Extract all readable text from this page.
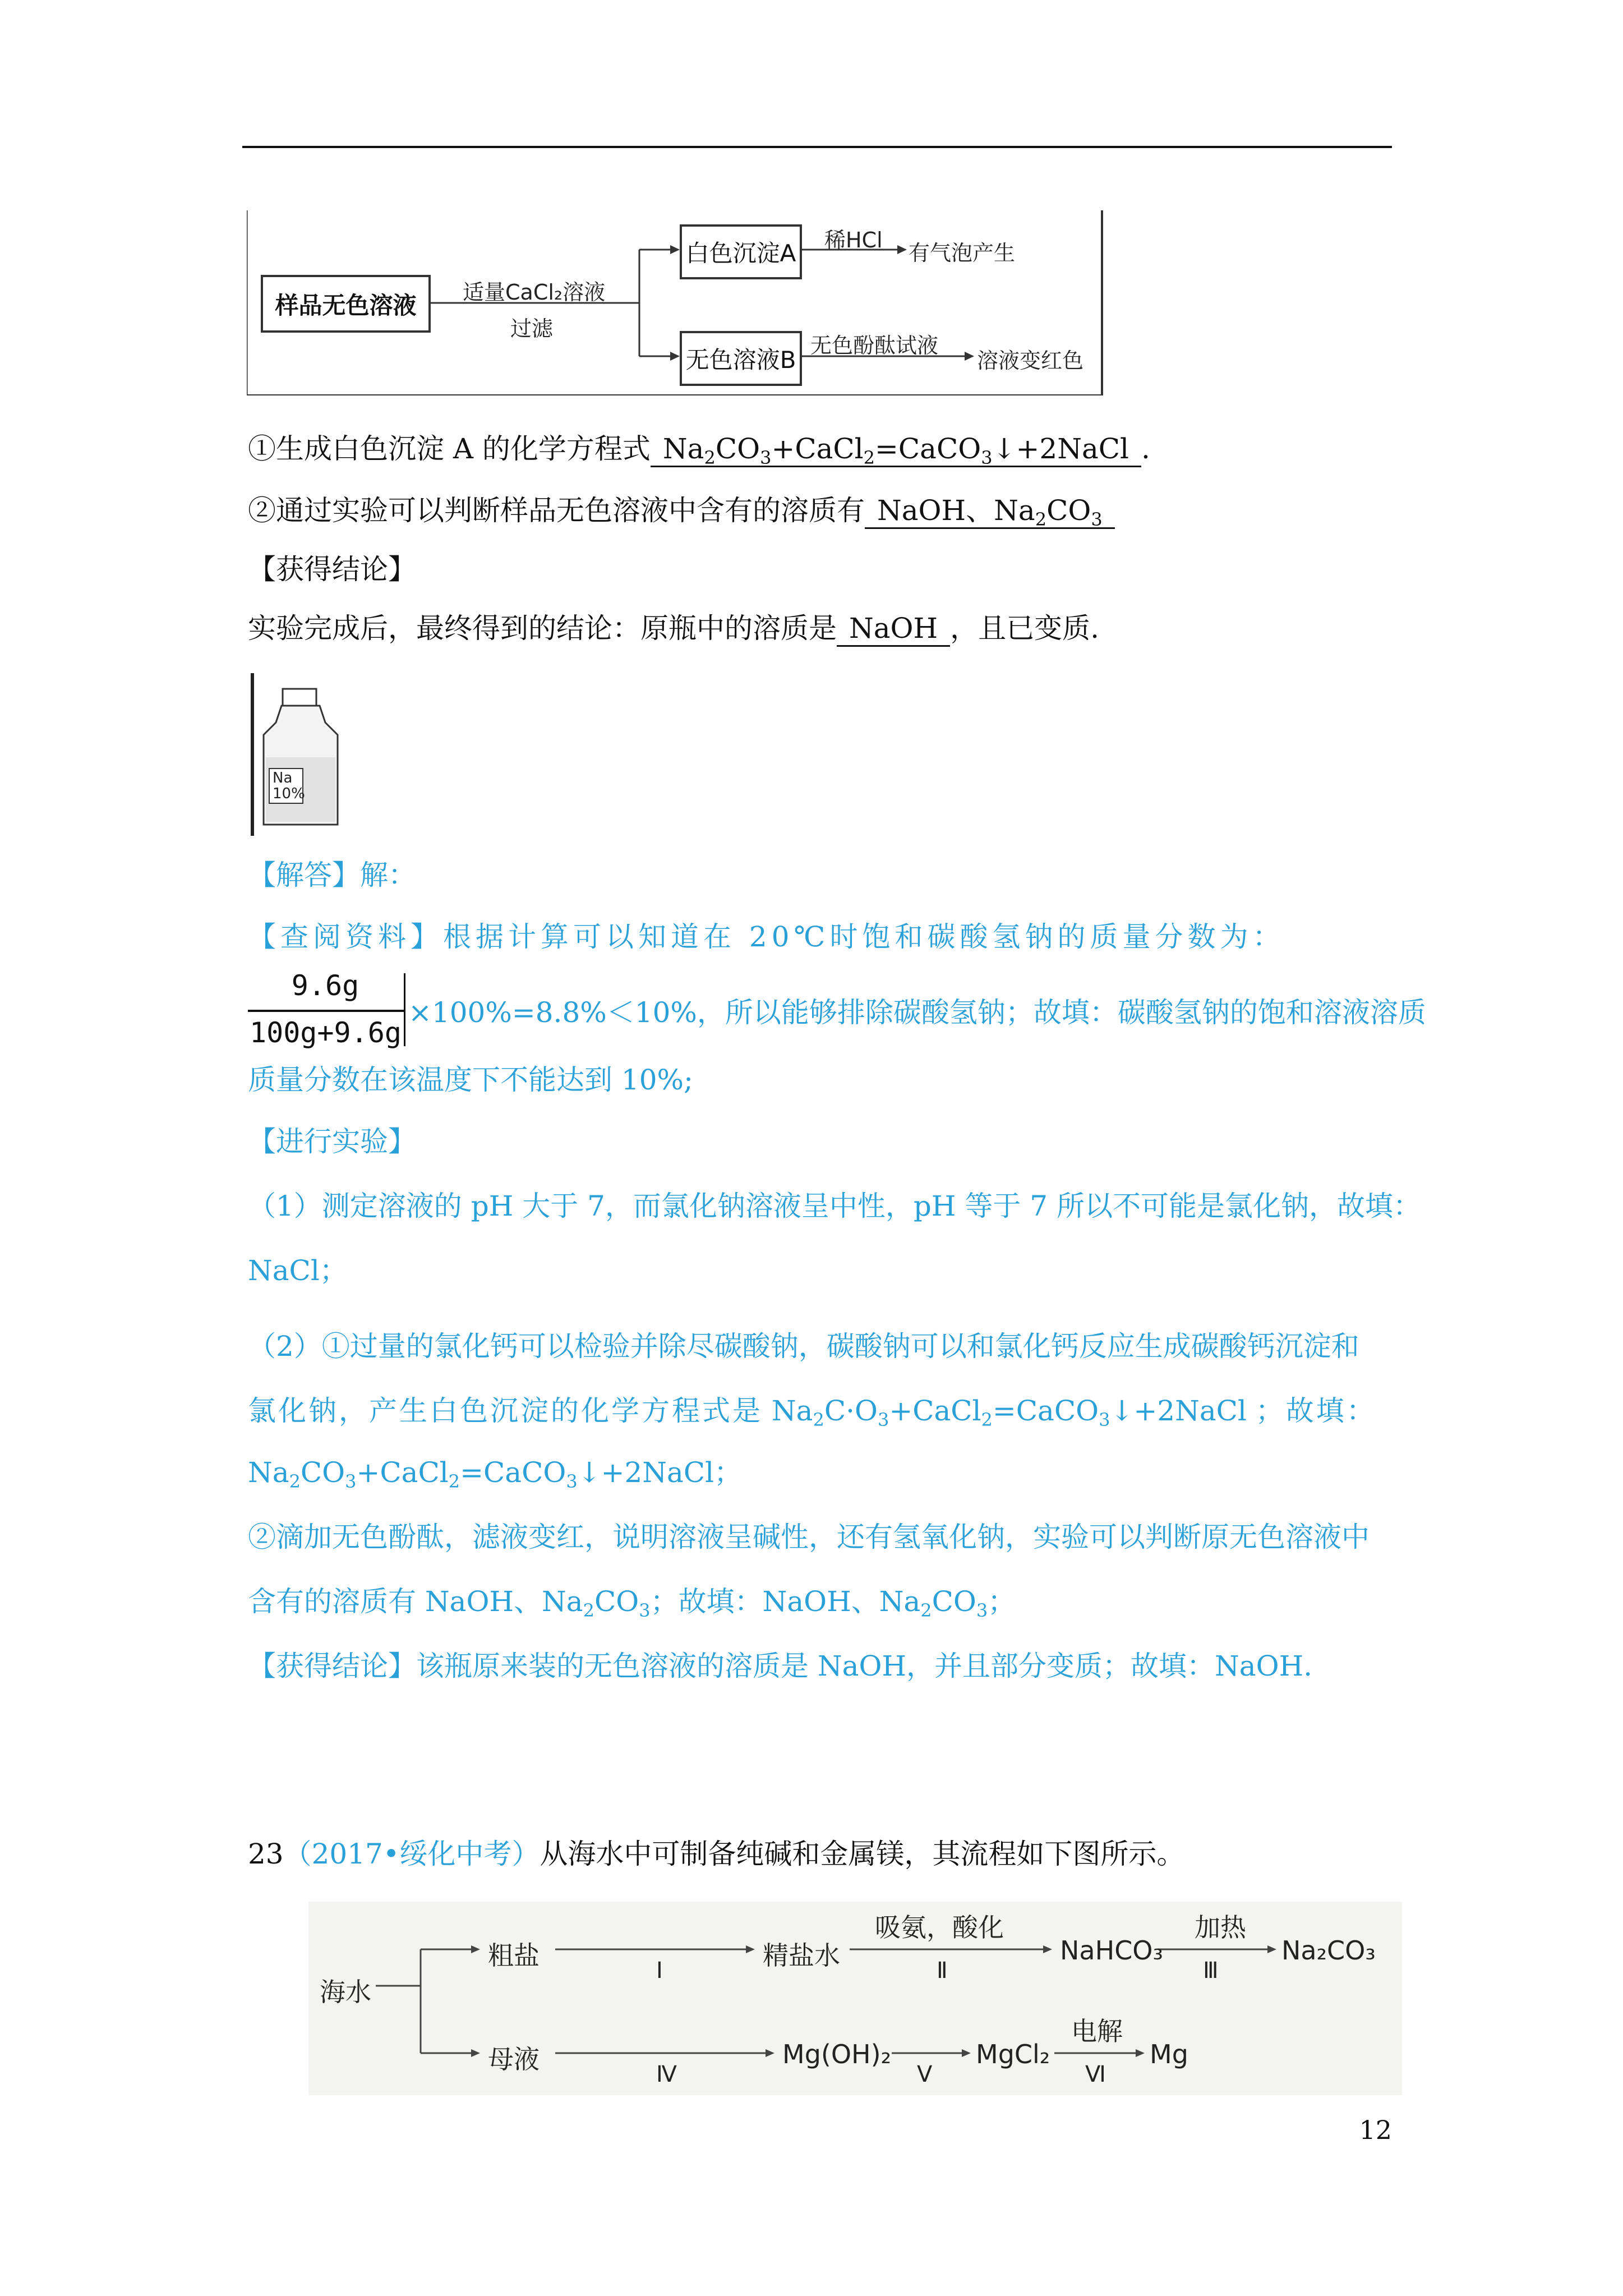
样品无色溶液	适量CaCl₂溶液
过滤
白色沉淀A 稀HCl
有气泡产生
无色溶液B
无色酚酞试液
溶液变红色
①生成白色沉淀 A 的化学方程式 $Na_2CO_3+CaCl_2=CaCO_3↓+2NaCl$ .
②通过实验可以判断样品无色溶液中含有的溶质有 NaOH、$Na_2CO_3$
【获得结论】
实验完成后，最终得到的结论：原瓶中的溶质是 NaOH ，且已变质.
Na
10%
【解答】解：
【查阅资料】根据计算可以知道在 20℃时饱和碳酸氢钠的质量分数为：
9.6g
100g+9.6g
×100%=8.8%＜10%，所以能够排除碳酸氢钠；故填：碳酸氢钠的饱和溶液溶质
质量分数在该温度下不能达到 10%;
【进行实验】
（1）测定溶液的 pH 大于 7，而氯化钠溶液呈中性，pH 等于 7 所以不可能是氯化钠，故填：
NaCl；
（2）①过量的氯化钙可以检验并除尽碳酸钠，碳酸钠可以和氯化钙反应生成碳酸钙沉淀和
氯化钠，产生白色沉淀的化学方程式是 $Na_2C\cdot O_3+CaCl_2=CaCO_3↓+2NaCl$ ；故填：
$Na_2CO_3+CaCl_2=CaCO_3↓+2NaCl$；
②滴加无色酚酞，滤液变红，说明溶液呈碱性，还有氢氧化钠，实验可以判断原无色溶液中
含有的溶质有 NaOH、$Na_2CO_3$；故填：NaOH、$Na_2CO_3$；
【获得结论】该瓶原来装的无色溶液的溶质是 NaOH，并且部分变质；故填：NaOH.
23（2017•绥化中考）从海水中可制备纯碱和金属镁，其流程如下图所示。
海水
粗盐	Ⅰ	精盐水
吸氨，酸化
Ⅱ
NaHCO₃
加热
Ⅲ
Na₂CO₃
母液	Ⅳ
Mg(OH)₂
Ⅴ
MgCl₂
电解
Ⅵ
Mg
12
